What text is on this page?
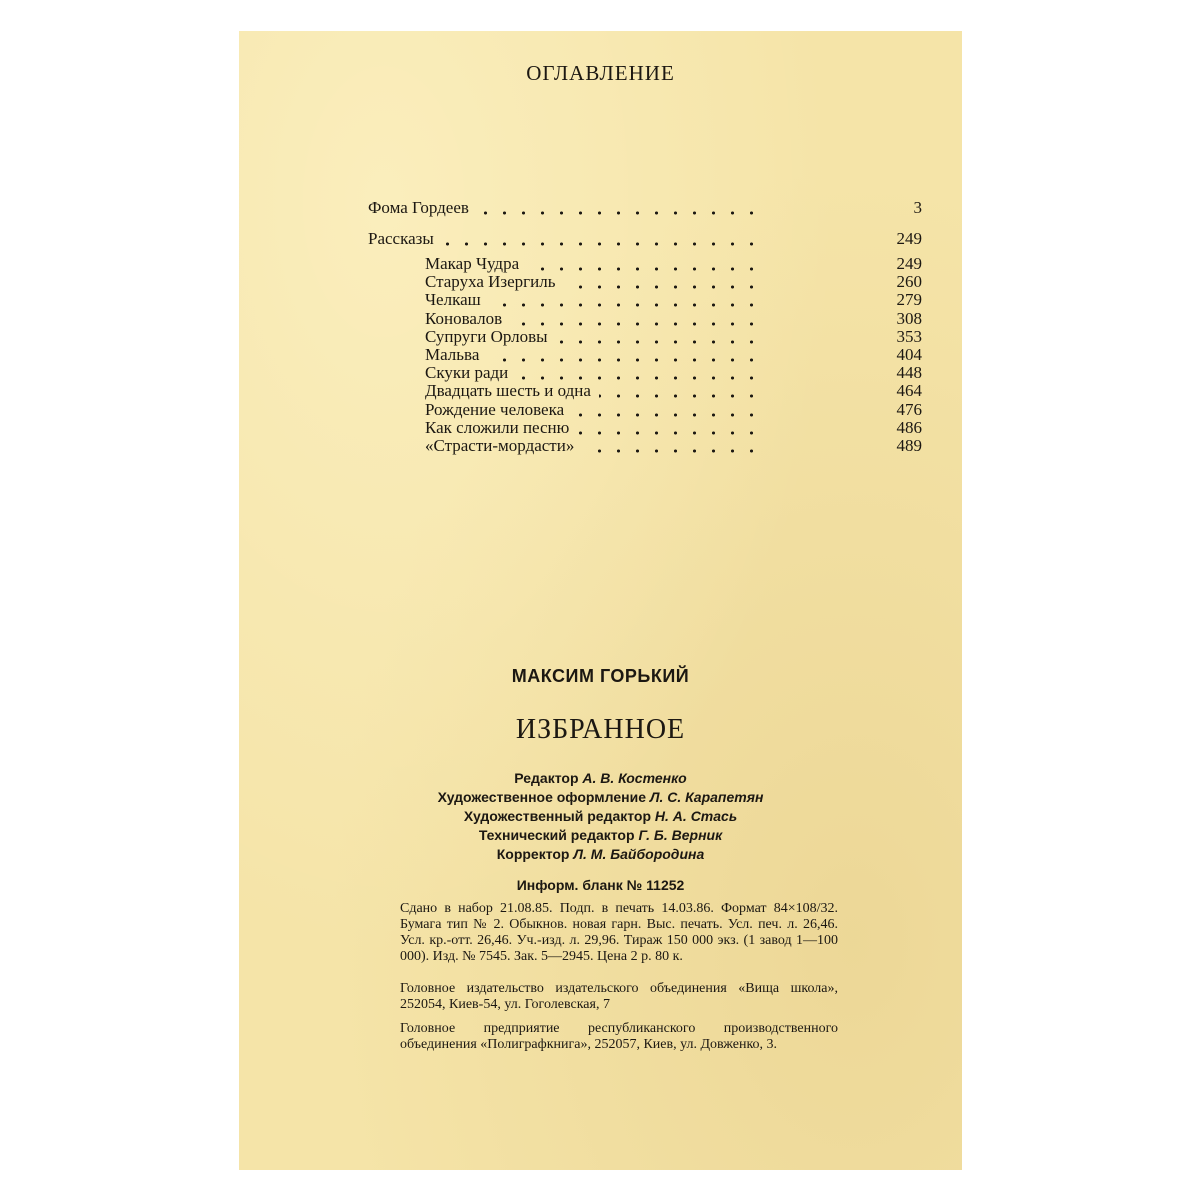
ОГЛАВЛЕНИЕ
Фома Гордеев	3
Рассказы	249
Макар Чудра	249
Старуха Изергиль	260
Челкаш	279
Коновалов	308
Супруги Орловы	353
Мальва	404
Скуки ради	448
Двадцать шесть и одна	464
Рождение человека	476
Как сложили песню	486
«Страсти-мордасти»	489
МАКСИМ ГОРЬКИЙ
ИЗБРАННОЕ
Редактор А. В. Костенко
Художественное оформление Л. С. Карапетян
Художественный редактор Н. А. Стась
Технический редактор Г. Б. Верник
Корректор Л. М. Байбородина
Информ. бланк № 11252

Сдано в набор 21.08.85. Подп. в печать 14.03.86. Формат 84×108/32. Бумага тип № 2. Обыкнов. новая гарн. Выс. печать. Усл. печ. л. 26,46. Усл. кр.-отт. 26,46. Уч.-изд. л. 29,96. Тираж 150 000 экз. (1 завод 1—100 000). Изд. № 7545. Зак. 5—2945. Цена 2 р. 80 к.

Головное издательство издательского объединения «Вища школа», 252054, Киев-54, ул. Гоголевская, 7

Головное предприятие республиканского производственного объединения «Полиграфкнига», 252057, Киев, ул. Довженко, 3.
